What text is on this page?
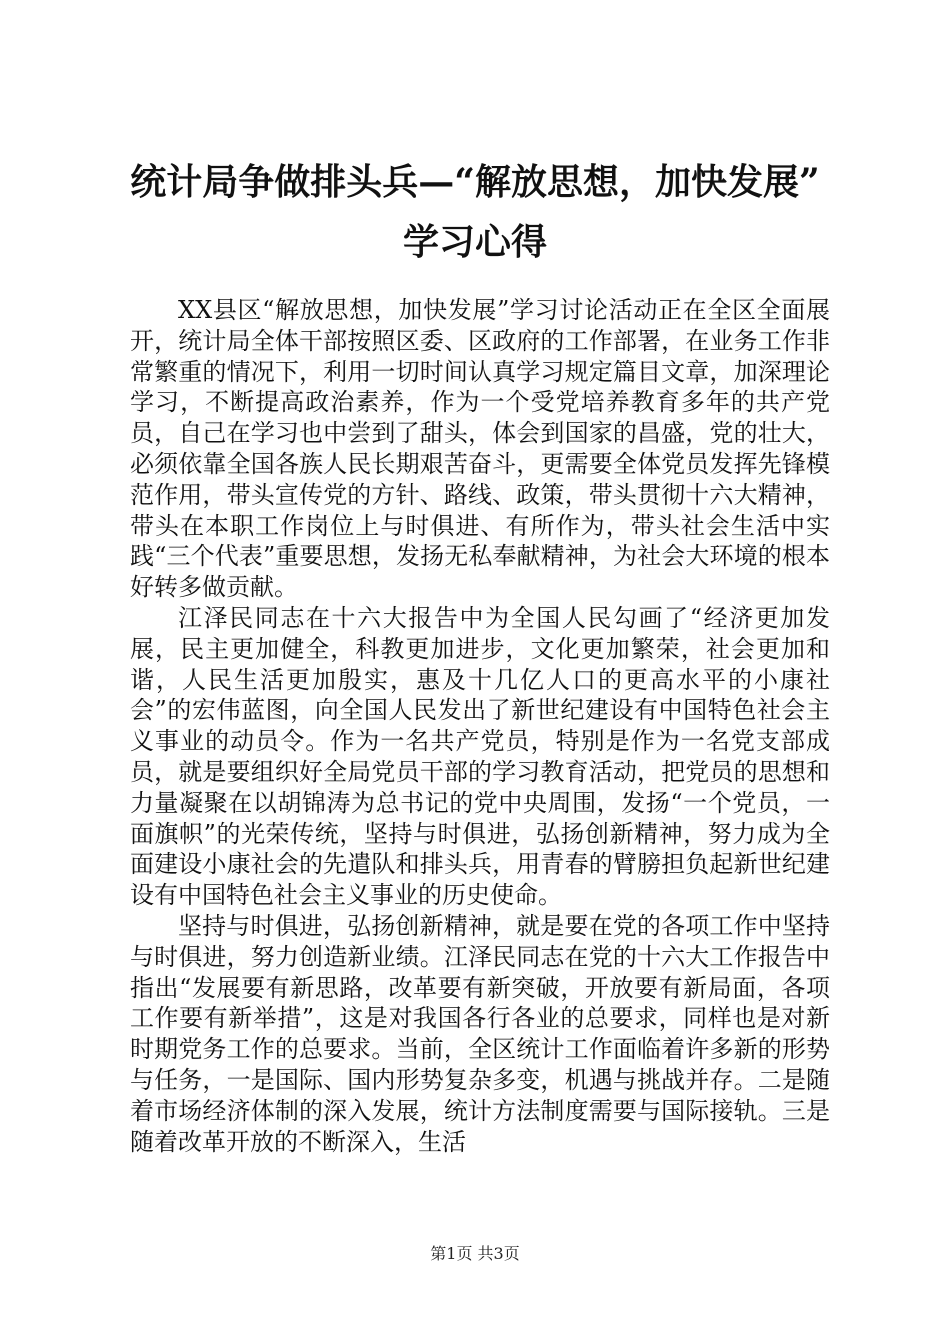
统计局争做排头兵—“解放思想，加快发展”
学习心得

XX县区“解放思想，加快发展”学习讨论活动正在全区全面展开，统计局全体干部按照区委、区政府的工作部署，在业务工作非常繁重的情况下，利用一切时间认真学习规定篇目文章，加深理论学习，不断提高政治素养，作为一个受党培养教育多年的共产党员，自己在学习也中尝到了甜头，体会到国家的昌盛，党的壮大，必须依靠全国各族人民长期艰苦奋斗，更需要全体党员发挥先锋模范作用，带头宣传党的方针、路线、政策，带头贯彻十六大精神，带头在本职工作岗位上与时俱进、有所作为，带头社会生活中实践“三个代表”重要思想，发扬无私奉献精神，为社会大环境的根本好转多做贡献。

江泽民同志在十六大报告中为全国人民勾画了“经济更加发展，民主更加健全，科教更加进步，文化更加繁荣，社会更加和谐，人民生活更加殷实，惠及十几亿人口的更高水平的小康社会”的宏伟蓝图，向全国人民发出了新世纪建设有中国特色社会主义事业的动员令。作为一名共产党员，特别是作为一名党支部成员，就是要组织好全局党员干部的学习教育活动，把党员的思想和力量凝聚在以胡锦涛为总书记的党中央周围，发扬“一个党员，一面旗帜”的光荣传统，坚持与时俱进，弘扬创新精神，努力成为全面建设小康社会的先遣队和排头兵，用青春的臂膀担负起新世纪建设有中国特色社会主义事业的历史使命。

坚持与时俱进，弘扬创新精神，就是要在党的各项工作中坚持与时俱进，努力创造新业绩。江泽民同志在党的十六大工作报告中指出“发展要有新思路，改革要有新突破，开放要有新局面，各项工作要有新举措”，这是对我国各行各业的总要求，同样也是对新时期党务工作的总要求。当前，全区统计工作面临着许多新的形势与任务，一是国际、国内形势复杂多变，机遇与挑战并存。二是随着市场经济体制的深入发展，统计方法制度需要与国际接轨。三是随着改革开放的不断深入，生活

第1页 共3页
